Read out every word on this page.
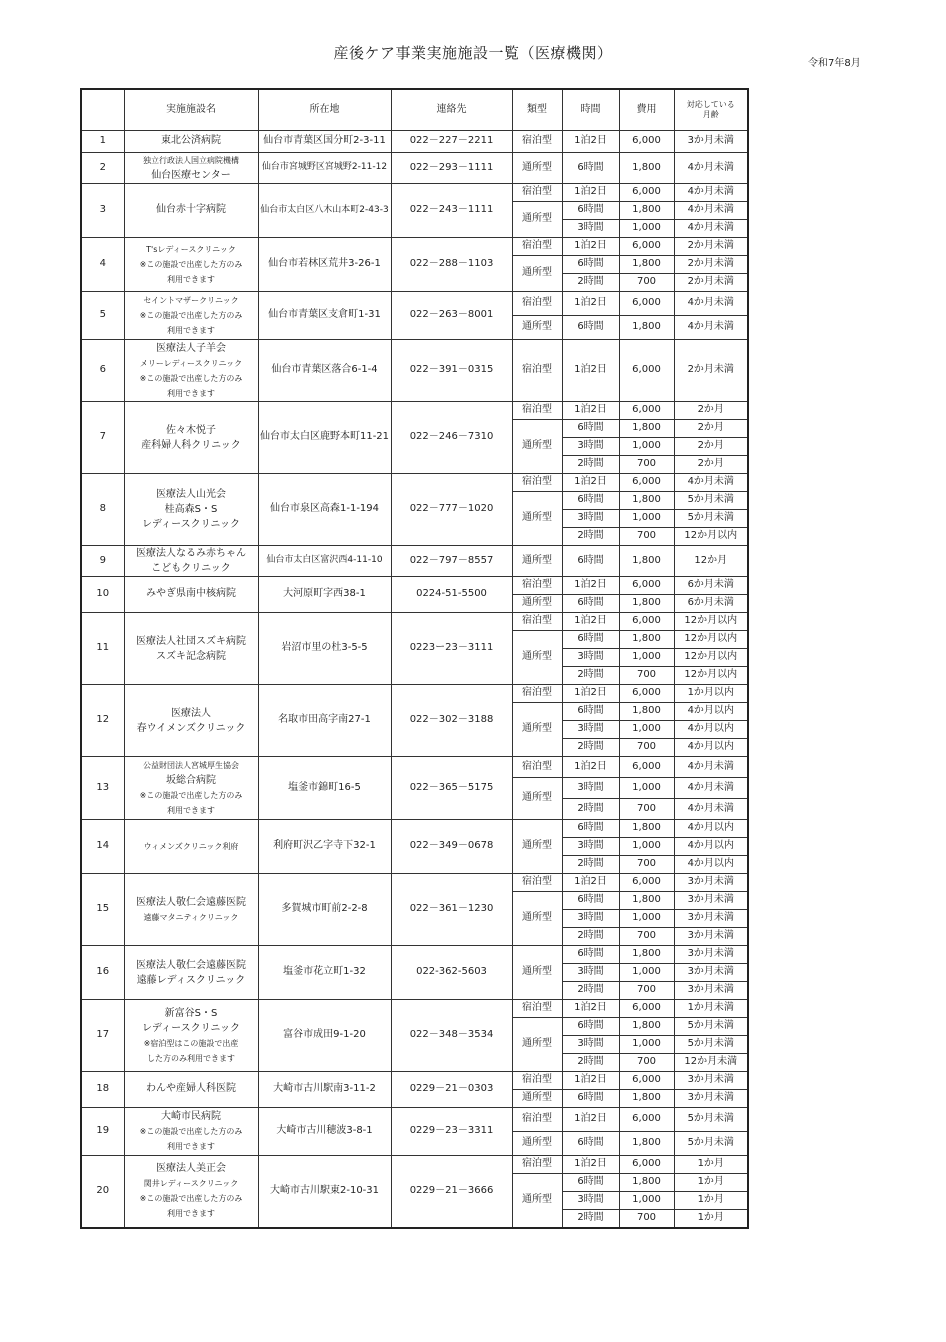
産後ケア事業実施施設一覧（医療機関）
令和7年8月
	実施施設名	所在地	連絡先	類型	時間	費用	対応している
月齢
1	東北公済病院	仙台市青葉区国分町2-3-11	022－227－2211	宿泊型	1泊2日	6,000	3か月未満
2	独立行政法人国立病院機構
仙台医療センター	仙台市宮城野区宮城野2-11-12	022－293－1111	通所型	6時間	1,800	4か月未満
3	仙台赤十字病院	仙台市太白区八木山本町2-43-3	022－243－1111	宿泊型	1泊2日	6,000	4か月未満
				通所型	6時間	1,800	4か月未満
					3時間	1,000	4か月未満
4	T'sレディースクリニック
※この施設で出産した方のみ
利用できます	仙台市若林区荒井3-26-1	022－288－1103	宿泊型	1泊2日	6,000	2か月未満
				通所型	6時間	1,800	2か月未満
					2時間	700	2か月未満
5	セイントマザークリニック
※この施設で出産した方のみ
利用できます	仙台市青葉区支倉町1-31	022－263－8001	宿泊型	1泊2日	6,000	4か月未満
				通所型	6時間	1,800	4か月未満
6	医療法人子羊会
メリーレディースクリニック
※この施設で出産した方のみ
利用できます	仙台市青葉区落合6-1-4	022－391－0315	宿泊型	1泊2日	6,000	2か月未満
7	佐々木悦子
産科婦人科クリニック	仙台市太白区鹿野本町11-21	022－246－7310	宿泊型	1泊2日	6,000	2か月
				通所型	6時間	1,800	2か月
					3時間	1,000	2か月
					2時間	700	2か月
8	医療法人山光会
桂高森S・S
レディースクリニック	仙台市泉区高森1-1-194	022－777－1020	宿泊型	1泊2日	6,000	4か月未満
				通所型	6時間	1,800	5か月未満
					3時間	1,000	5か月未満
					2時間	700	12か月以内
9	医療法人なるみ赤ちゃん
こどもクリニック	仙台市太白区富沢西4-11-10	022－797－8557	通所型	6時間	1,800	12か月
10	みやぎ県南中核病院	大河原町字西38-1	0224-51-5500	宿泊型	1泊2日	6,000	6か月未満
				通所型	6時間	1,800	6か月未満
11	医療法人社団スズキ病院
スズキ記念病院	岩沼市里の杜3-5-5	0223ー23－3111	宿泊型	1泊2日	6,000	12か月以内
				通所型	6時間	1,800	12か月以内
					3時間	1,000	12か月以内
					2時間	700	12か月以内
12	医療法人
春ウイメンズクリニック	名取市田高字南27-1	022－302－3188	宿泊型	1泊2日	6,000	1か月以内
				通所型	6時間	1,800	4か月以内
					3時間	1,000	4か月以内
					2時間	700	4か月以内
13	公益財団法人宮城厚生協会
坂総合病院
※この施設で出産した方のみ
利用できます	塩釜市錦町16-5	022－365－5175	宿泊型	1泊2日	6,000	4か月未満
				通所型	3時間	1,000	4か月未満
					2時間	700	4か月未満
14	ウィメンズクリニック利府	利府町沢乙字寺下32-1	022－349－0678	通所型	6時間	1,800	4か月以内
					3時間	1,000	4か月以内
					2時間	700	4か月以内
15	医療法人敬仁会遠藤医院
遠藤マタニティクリニック	多賀城市町前2-2-8	022－361－1230	宿泊型	1泊2日	6,000	3か月未満
				通所型	6時間	1,800	3か月未満
					3時間	1,000	3か月未満
					2時間	700	3か月未満
16	医療法人敬仁会遠藤医院
遠藤レディスクリニック	塩釜市花立町1-32	022-362-5603	通所型	6時間	1,800	3か月未満
					3時間	1,000	3か月未満
					2時間	700	3か月未満
17	新富谷S・S
レディースクリニック
※宿泊型はこの施設で出産
した方のみ利用できます	富谷市成田9-1-20	022－348－3534	宿泊型	1泊2日	6,000	1か月未満
				通所型	6時間	1,800	5か月未満
					3時間	1,000	5か月未満
					2時間	700	12か月未満
18	わんや産婦人科医院	大崎市古川駅南3-11-2	0229－21－0303	宿泊型	1泊2日	6,000	3か月未満
				通所型	6時間	1,800	3か月未満
19	大崎市民病院
※この施設で出産した方のみ
利用できます	大崎市古川穂波3-8-1	0229－23－3311	宿泊型	1泊2日	6,000	5か月未満
				通所型	6時間	1,800	5か月未満
20	医療法人美正会
関井レディースクリニック
※この施設で出産した方のみ
利用できます	大崎市古川駅東2-10-31	0229－21－3666	宿泊型	1泊2日	6,000	1か月
				通所型	6時間	1,800	1か月
					3時間	1,000	1か月
					2時間	700	1か月
